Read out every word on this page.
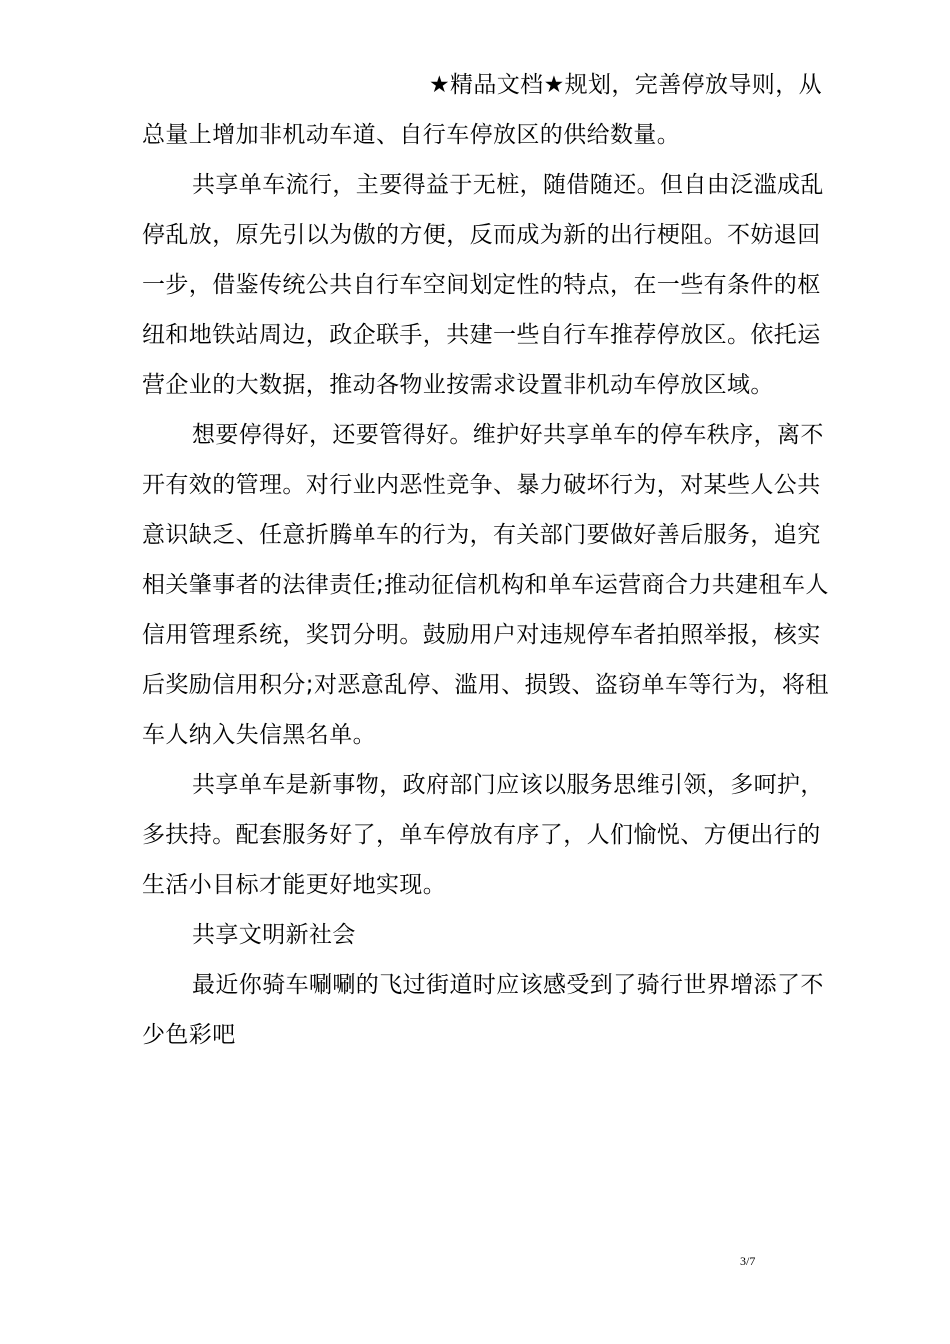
★精品文档★规划，完善停放导则，从
总量上增加非机动车道、自行车停放区的供给数量。

共享单车流行，主要得益于无桩，随借随还。但自由泛滥成乱停乱放，原先引以为傲的方便，反而成为新的出行梗阻。不妨退回一步，借鉴传统公共自行车空间划定性的特点，在一些有条件的枢纽和地铁站周边，政企联手，共建一些自行车推荐停放区。依托运营企业的大数据，推动各物业按需求设置非机动车停放区域。

想要停得好，还要管得好。维护好共享单车的停车秩序，离不开有效的管理。对行业内恶性竞争、暴力破坏行为，对某些人公共意识缺乏、任意折腾单车的行为，有关部门要做好善后服务，追究相关肇事者的法律责任;推动征信机构和单车运营商合力共建租车人信用管理系统，奖罚分明。鼓励用户对违规停车者拍照举报，核实后奖励信用积分;对恶意乱停、滥用、损毁、盗窃单车等行为，将租车人纳入失信黑名单。

共享单车是新事物，政府部门应该以服务思维引领，多呵护，多扶持。配套服务好了，单车停放有序了，人们愉悦、方便出行的生活小目标才能更好地实现。

共享文明新社会

最近你骑车唰唰的飞过街道时应该感受到了骑行世界增添了不少色彩吧

3/7
